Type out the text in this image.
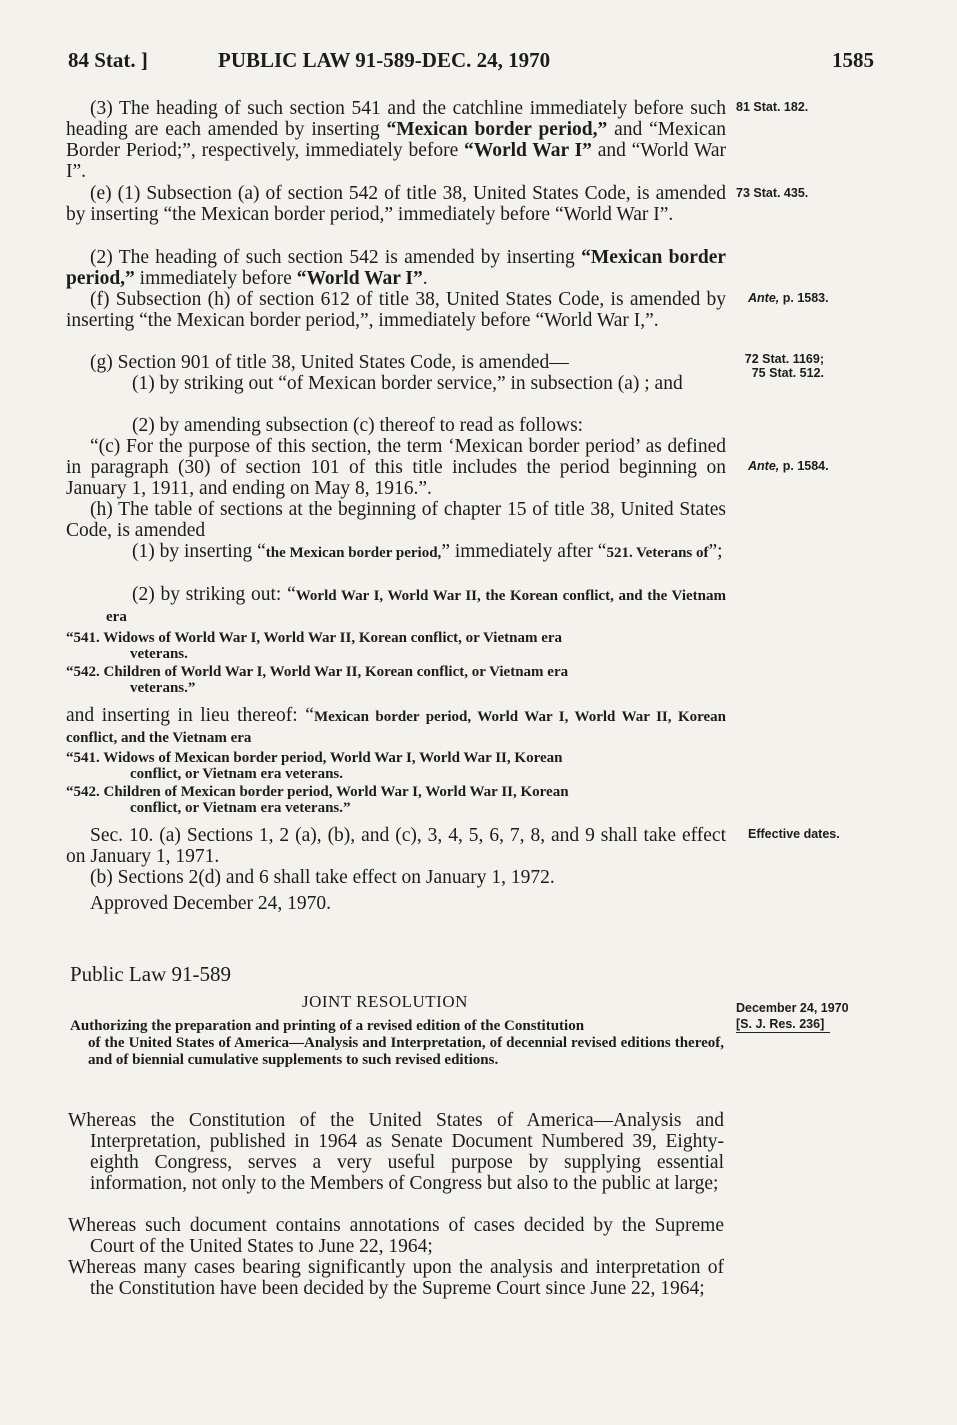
84 Stat. ]	PUBLIC LAW 91-589-DEC. 24, 1970	1585
(3) The heading of such section 541 and the catchline immediately before such heading are each amended by inserting “Mexican border period,” and “Mexican Border Period;”, respectively, immediately before “World War I” and “World War I”.
(e) (1) Subsection (a) of section 542 of title 38, United States Code, is amended by inserting “the Mexican border period,” immediately before “World War I”.
(2) The heading of such section 542 is amended by inserting “Mexican border period,” immediately before “World War I”.
(f) Subsection (h) of section 612 of title 38, United States Code, is amended by inserting “the Mexican border period,”, immediately before “World War I,”.
(g) Section 901 of title 38, United States Code, is amended—
(1) by striking out “of Mexican border service,” in subsection (a) ; and
(2) by amending subsection (c) thereof to read as follows:
“(c) For the purpose of this section, the term ‘Mexican border period’ as defined in paragraph (30) of section 101 of this title includes the period beginning on January 1, 1911, and ending on May 8, 1916.”.
(h) The table of sections at the beginning of chapter 15 of title 38, United States Code, is amended
(1) by inserting “the Mexican border period,” immediately after “521. Veterans of”;
(2) by striking out: “World War I, World War II, the Korean conflict, and the Vietnam era
“541. Widows of World War I, World War II, Korean conflict, or Vietnam era
veterans.
“542. Children of World War I, World War II, Korean conflict, or Vietnam era
veterans.”
and inserting in lieu thereof: “Mexican border period, World War I, World War II, Korean conflict, and the Vietnam era
“541. Widows of Mexican border period, World War I, World War II, Korean
conflict, or Vietnam era veterans.
“542. Children of Mexican border period, World War I, World War II, Korean
conflict, or Vietnam era veterans.”
Sec. 10. (a) Sections 1, 2 (a), (b), and (c), 3, 4, 5, 6, 7, 8, and 9 shall take effect on January 1, 1971.
(b) Sections 2(d) and 6 shall take effect on January 1, 1972.
Approved December 24, 1970.
81 Stat. 182.
73 Stat. 435.
Ante, p. 1583.
72 Stat. 1169;
75 Stat. 512.
Ante, p. 1584.
Effective dates.
Public Law 91-589
JOINT RESOLUTION	December 24, 1970
[S. J. Res. 236]
Authorizing the preparation and printing of a revised edition of the Constitution
of the United States of America—Analysis and Interpretation, of decennial revised editions thereof, and of biennial cumulative supplements to such revised editions.
Whereas the Constitution of the United States of America—Analysis and Interpretation, published in 1964 as Senate Document Numbered 39, Eighty-eighth Congress, serves a very useful purpose by supplying essential information, not only to the Members of Congress but also to the public at large;
Whereas such document contains annotations of cases decided by the Supreme Court of the United States to June 22, 1964;
Whereas many cases bearing significantly upon the analysis and interpretation of the Constitution have been decided by the Supreme Court since June 22, 1964;
